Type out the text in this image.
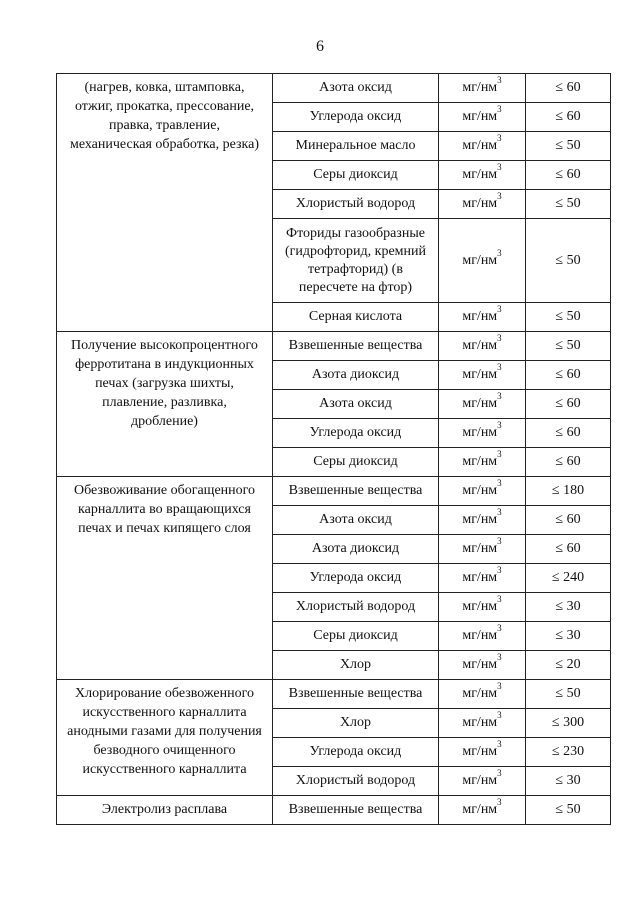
6
(нагрев, ковка, штамповка,
отжиг, прокатка, прессование,
правка, травление,
механическая обработка, резка)	Азота оксид	$мг/нм^3$	≤ 60
	Углерода оксид	$мг/нм^3$	≤ 60
	Минеральное масло	$мг/нм^3$	≤ 50
	Серы диоксид	$мг/нм^3$	≤ 60
	Хлористый водород	$мг/нм^3$	≤ 50
	Фториды газообразные
(гидрофторид, кремний
тетрафторид) (в
пересчете на фтор)	$мг/нм^3$	≤ 50
	Серная кислота	$мг/нм^3$	≤ 50
Получение высокопроцентного
ферротитана в индукционных
печах (загрузка шихты,
плавление, разливка,
дробление)	Взвешенные вещества	$мг/нм^3$	≤ 50
	Азота диоксид	$мг/нм^3$	≤ 60
	Азота оксид	$мг/нм^3$	≤ 60
	Углерода оксид	$мг/нм^3$	≤ 60
	Серы диоксид	$мг/нм^3$	≤ 60
Обезвоживание обогащенного
карналлита во вращающихся
печах и печах кипящего слоя	Взвешенные вещества	$мг/нм^3$	≤ 180
	Азота оксид	$мг/нм^3$	≤ 60
	Азота диоксид	$мг/нм^3$	≤ 60
	Углерода оксид	$мг/нм^3$	≤ 240
	Хлористый водород	$мг/нм^3$	≤ 30
	Серы диоксид	$мг/нм^3$	≤ 30
	Хлор	$мг/нм^3$	≤ 20
Хлорирование обезвоженного
искусственного карналлита
анодными газами для получения
безводного очищенного
искусственного карналлита	Взвешенные вещества	$мг/нм^3$	≤ 50
	Хлор	$мг/нм^3$	≤ 300
	Углерода оксид	$мг/нм^3$	≤ 230
	Хлористый водород	$мг/нм^3$	≤ 30
Электролиз расплава	Взвешенные вещества	$мг/нм^3$	≤ 50
